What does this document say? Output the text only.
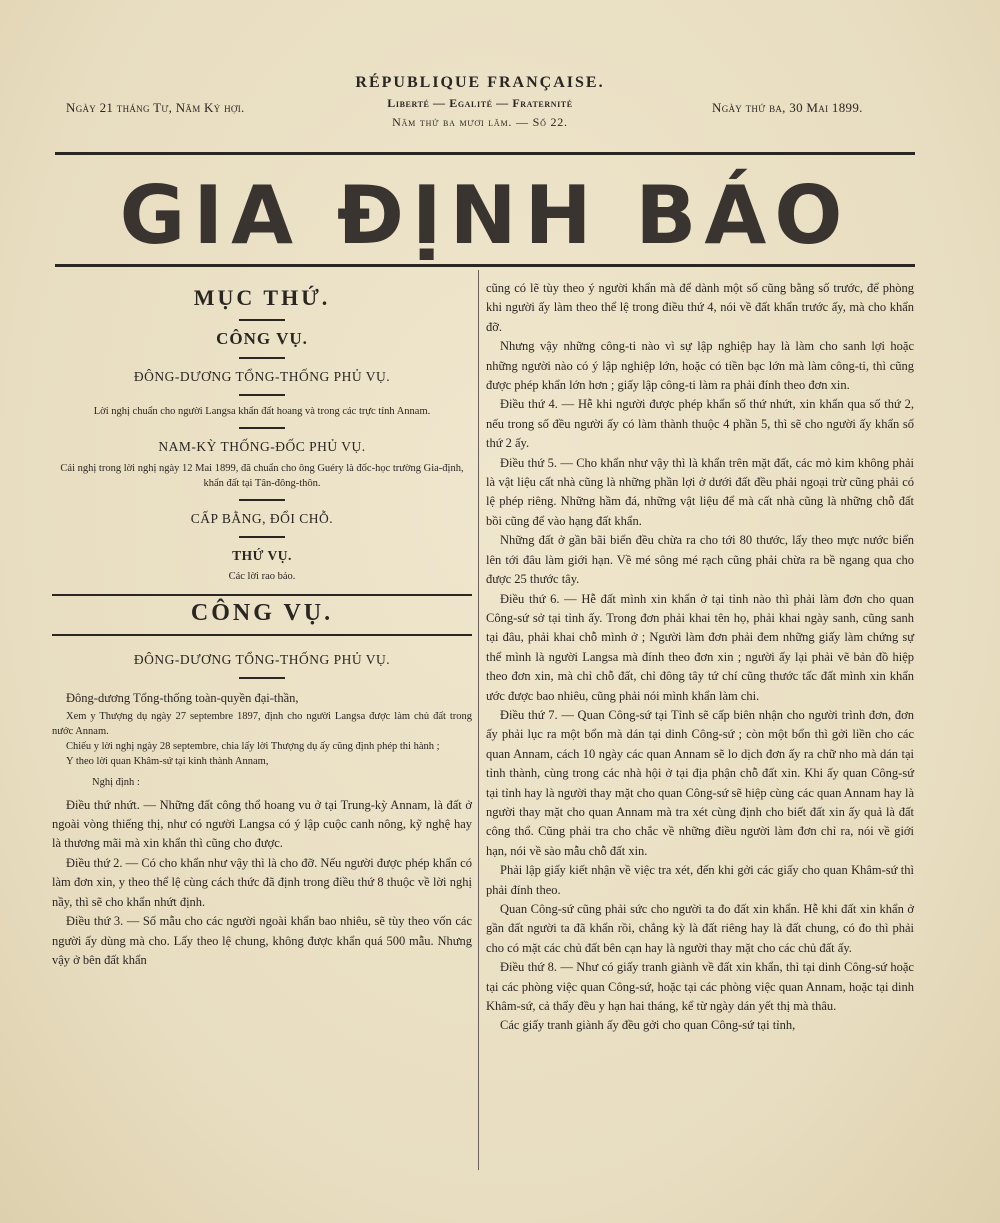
Ngày 21 tháng Tư, Năm Kỷ hợi.
RÉPUBLIQUE FRANÇAISE.
Liberté — Egalité — Fraternité
Năm thứ ba mươi lăm. — Số 22.
Ngày thứ ba, 30 Mai 1899.
GIA ĐỊNH BÁO
MỤC THỨ.
CÔNG VỤ.
ĐÔNG-DƯƠNG TỔNG-THỐNG PHỦ VỤ.
Lời nghị chuẩn cho người Langsa khẩn đất hoang và trong các trực tỉnh Annam.
NAM-KỲ THỐNG-ĐỐC PHỦ VỤ.
Cải nghị trong lời nghị ngày 12 Mai 1899, đã chuẩn cho ông Guéry là đốc-học trường Gia-định, khẩn đất tại Tân-đông-thôn.
CẤP BẰNG, ĐỔI CHỖ.
THỨ VỤ.
Các lời rao bảo.
CÔNG VỤ.
ĐÔNG-DƯƠNG TỔNG-THỐNG PHỦ VỤ.

Đông-dương Tổng-thống toàn-quyền đại-thần,

Xem y Thượng dụ ngày 27 septembre 1897, định cho người Langsa được làm chủ đất trong nước Annam.

Chiếu y lời nghị ngày 28 septembre, chia lấy lời Thượng dụ ấy cũng định phép thi hành ;

Y theo lời quan Khâm-sứ tại kinh thành Annam,

Nghị định :

Điều thứ nhứt. — Những đất công thổ hoang vu ở tại Trung-kỳ Annam, là đất ở ngoài vòng thiếng thị, như có người Langsa có ý lập cuộc canh nông, kỹ nghệ hay là thương mãi mà xin khẩn thì cũng cho được.

Điều thứ 2. — Có cho khẩn như vậy thì là cho đỡ. Nếu người được phép khẩn có làm đơn xin, y theo thể lệ cùng cách thức đã định trong điều thứ 8 thuộc về lời nghị nầy, thì sẽ cho khẩn nhứt định.

Điều thứ 3. — Số mẫu cho các người ngoài khẩn bao nhiêu, sẽ tùy theo vốn các người ấy dùng mà cho. Lấy theo lệ chung, không được khẩn quá 500 mẫu. Nhưng vậy ở bên đất khẩn

cũng có lẽ tùy theo ý người khẩn mà để dành một số cũng bằng số trước, để phòng khi người ấy làm theo thể lệ trong điều thứ 4, nói về đất khẩn trước ấy, mà cho khẩn đỡ.

Nhưng vậy những công-ti nào vì sự lập nghiệp hay là làm cho sanh lợi hoặc những người nào có ý lập nghiệp lớn, hoặc có tiền bạc lớn mà làm công-ti, thì cũng được phép khẩn lớn hơn ; giấy lập công-ti làm ra phải đính theo đơn xin.

Điều thứ 4. — Hễ khi người được phép khẩn số thứ nhứt, xin khẩn qua số thứ 2, nếu trong số đều người ấy có làm thành thuộc 4 phần 5, thì sẽ cho người ấy khẩn số thứ 2 ấy.

Điều thứ 5. — Cho khẩn như vậy thì là khẩn trên mặt đất, các mỏ kim không phải là vật liệu cất nhà cũng là những phần lợi ở dưới đất đều phải ngoại trừ cũng phải có lệ phép riêng. Những hầm đá, những vật liệu để mà cất nhà cũng là những chỗ đất bồi cũng để vào hạng đất khẩn.

Những đất ở gần bãi biển đều chừa ra cho tới 80 thước, lấy theo mực nước biển lên tới đâu làm giới hạn. Về mé sông mé rạch cũng phải chừa ra bề ngang qua cho được 25 thước tây.

Điều thứ 6. — Hễ đất mình xin khẩn ở tại tỉnh nào thì phải làm đơn cho quan Công-sứ sở tại tỉnh ấy. Trong đơn phải khai tên họ, phải khai ngày sanh, cũng sanh tại đâu, phải khai chỗ mình ở ; Người làm đơn phải đem những giấy làm chứng sự thể mình là người Langsa mà đính theo đơn xin ; người ấy lại phải vẽ bản đồ hiệp theo đơn xin, mà chỉ chỗ đất, chỉ đông tây tứ chí cũng thước tấc đất mình xin khẩn ước được bao nhiêu, cũng phải nói mình khẩn làm chi.

Điều thứ 7. — Quan Công-sứ tại Tỉnh sẽ cấp biên nhận cho người trình đơn, đơn ấy phải lục ra một bổn mà dán tại dinh Công-sứ ; còn một bổn thì gởi liền cho các quan Annam, cách 10 ngày các quan Annam sẽ lo dịch đơn ấy ra chữ nho mà dán tại tỉnh thành, cùng trong các nhà hội ở tại địa phận chỗ đất xin. Khi ấy quan Công-sứ tại tỉnh hay là người thay mặt cho quan Công-sứ sẽ hiệp cùng các quan Annam hay là người thay mặt cho quan Annam mà tra xét cùng định cho biết đất xin ấy quả là đất công thổ. Cũng phải tra cho chắc về những điều người làm đơn chỉ ra, nói về giới hạn, nói về sào mẫu chỗ đất xin.

Phải lập giấy kiết nhận về việc tra xét, đến khi gởi các giấy cho quan Khâm-sứ thì phải đính theo.

Quan Công-sứ cũng phải sức cho người ta đo đất xin khẩn. Hễ khi đất xin khẩn ở gần đất người ta đã khẩn rồi, chẳng kỳ là đất riêng hay là đất chung, có đo thì phải cho có mặt các chủ đất bên cạn hay là người thay mặt cho các chủ đất ấy.

Điều thứ 8. — Như có giấy tranh giành về đất xin khẩn, thì tại dinh Công-sứ hoặc tại các phòng việc quan Công-sứ, hoặc tại các phòng việc quan Annam, hoặc tại dinh Khâm-sứ, cả thẩy đều y hạn hai tháng, kể từ ngày dán yết thị mà thâu.

Các giấy tranh giành ấy đều gởi cho quan Công-sứ tại tỉnh,
